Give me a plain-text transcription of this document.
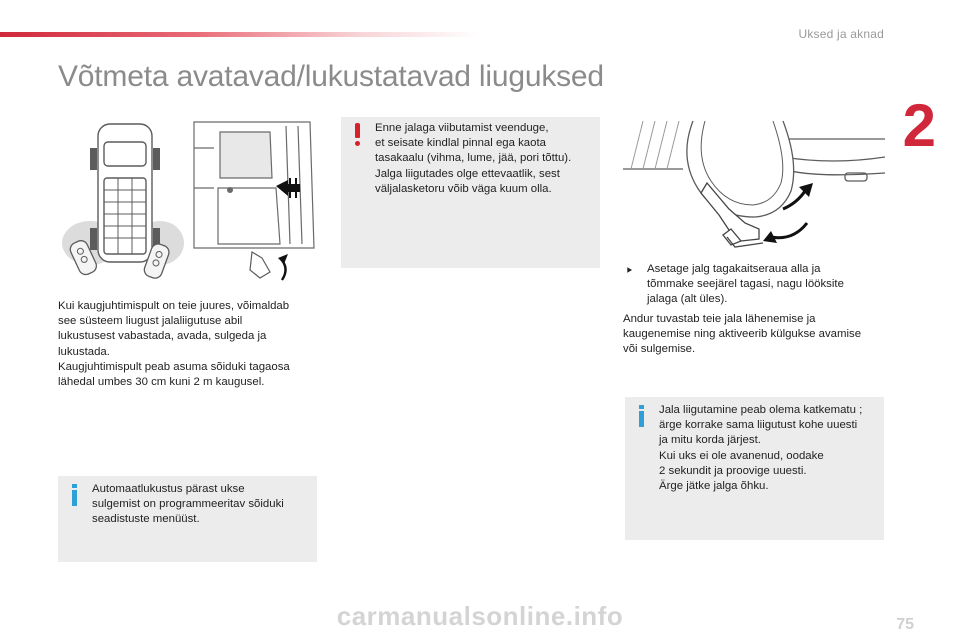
Uksed ja aknad
2
Võtmeta avatavad/lukustatavad liuguksed

Kui kaugjuhtimispult on teie juures, võimaldab
see süsteem liugust jalaliigutuse abil
lukustusest vabastada, avada, sulgeda ja
lukustada.
Kaugjuhtimispult peab asuma sõiduki tagaosa
lähedal umbes 30 cm kuni 2 m kaugusel.

Automaatlukustus pärast ukse
sulgemist on programmeeritav sõiduki
seadistuste menüüst.
Enne jalaga viibutamist veenduge,
et seisate kindlal pinnal ega kaota
tasakaalu (vihma, lume, jää, pori tõttu).
Jalga liigutades olge ettevaatlik, sest
väljalasketoru võib väga kuum olla.
⯈ Asetage jalg tagakaitseraua alla ja
tõmmake seejärel tagasi, nagu lööksite
jalaga (alt üles).

Andur tuvastab teie jala lähenemise ja
kaugenemise ning aktiveerib külgukse avamise
või sulgemise.

Jala liigutamine peab olema katkematu ;
ärge korrake sama liigutust kohe uuesti
ja mitu korda järjest.
Kui uks ei ole avanenud, oodake
2 sekundit ja proovige uuesti.
Ärge jätke jalga õhku.
carmanualsonline.info	75
